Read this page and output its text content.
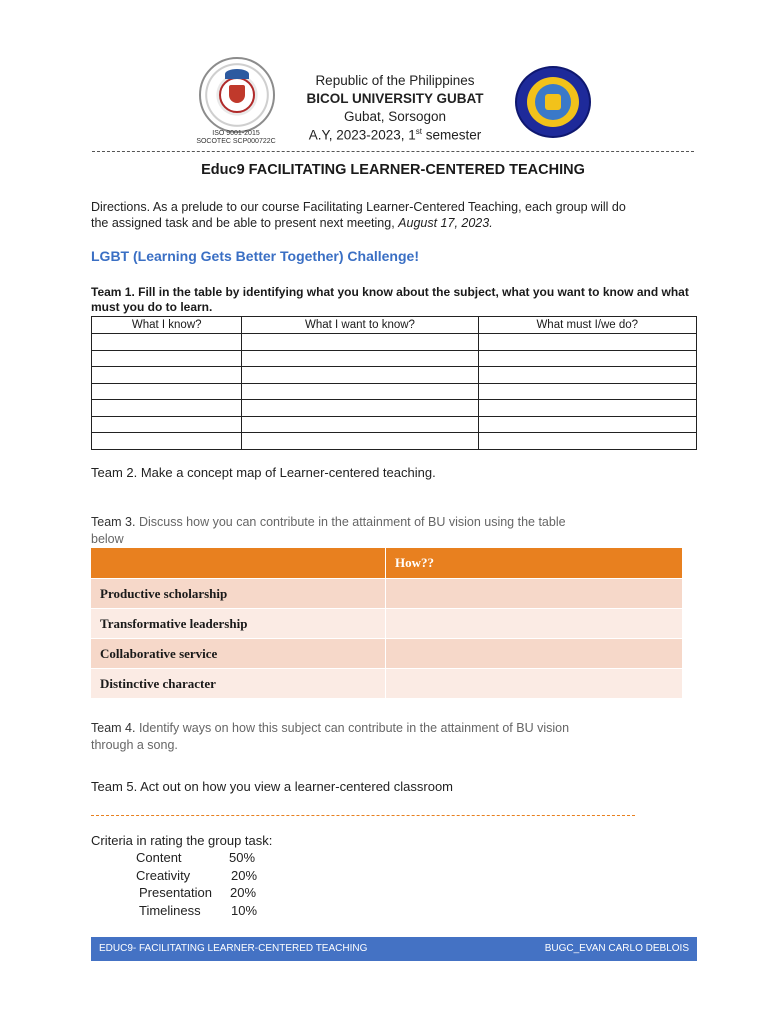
ISO 9001-2015
SOCOTEC SCP000722C
Republic of the Philippines
BICOL UNIVERSITY GUBAT
Gubat, Sorsogon
A.Y, 2023-2023, 1st semester
Educ9 FACILITATING LEARNER-CENTERED TEACHING
Directions. As a prelude to our course Facilitating Learner-Centered Teaching, each group will do
the assigned task and be able to present next meeting, August 17, 2023.
LGBT (Learning Gets Better Together) Challenge!
Team 1. Fill in the table by identifying what you know about the subject, what you want to know and what must you do to learn.
What I know?	What I want to know?	What must I/we do?

Team 2. Make a concept map of Learner-centered teaching.
Team 3. Discuss how you can contribute in the attainment of BU vision using the table
below
	How??
Productive scholarship	
Transformative leadership	
Collaborative service	
Distinctive character	
Team 4. Identify ways on how this subject can contribute in the attainment of BU vision
through a song.
Team 5. Act out on how you view a learner-centered classroom
Criteria in rating the group task:
Content	50%
Creativity	20%
Presentation 20%
Timeliness 10%
EDUC9- FACILITATING LEARNER-CENTERED TEACHING	BUGC_EVAN CARLO DEBLOIS
